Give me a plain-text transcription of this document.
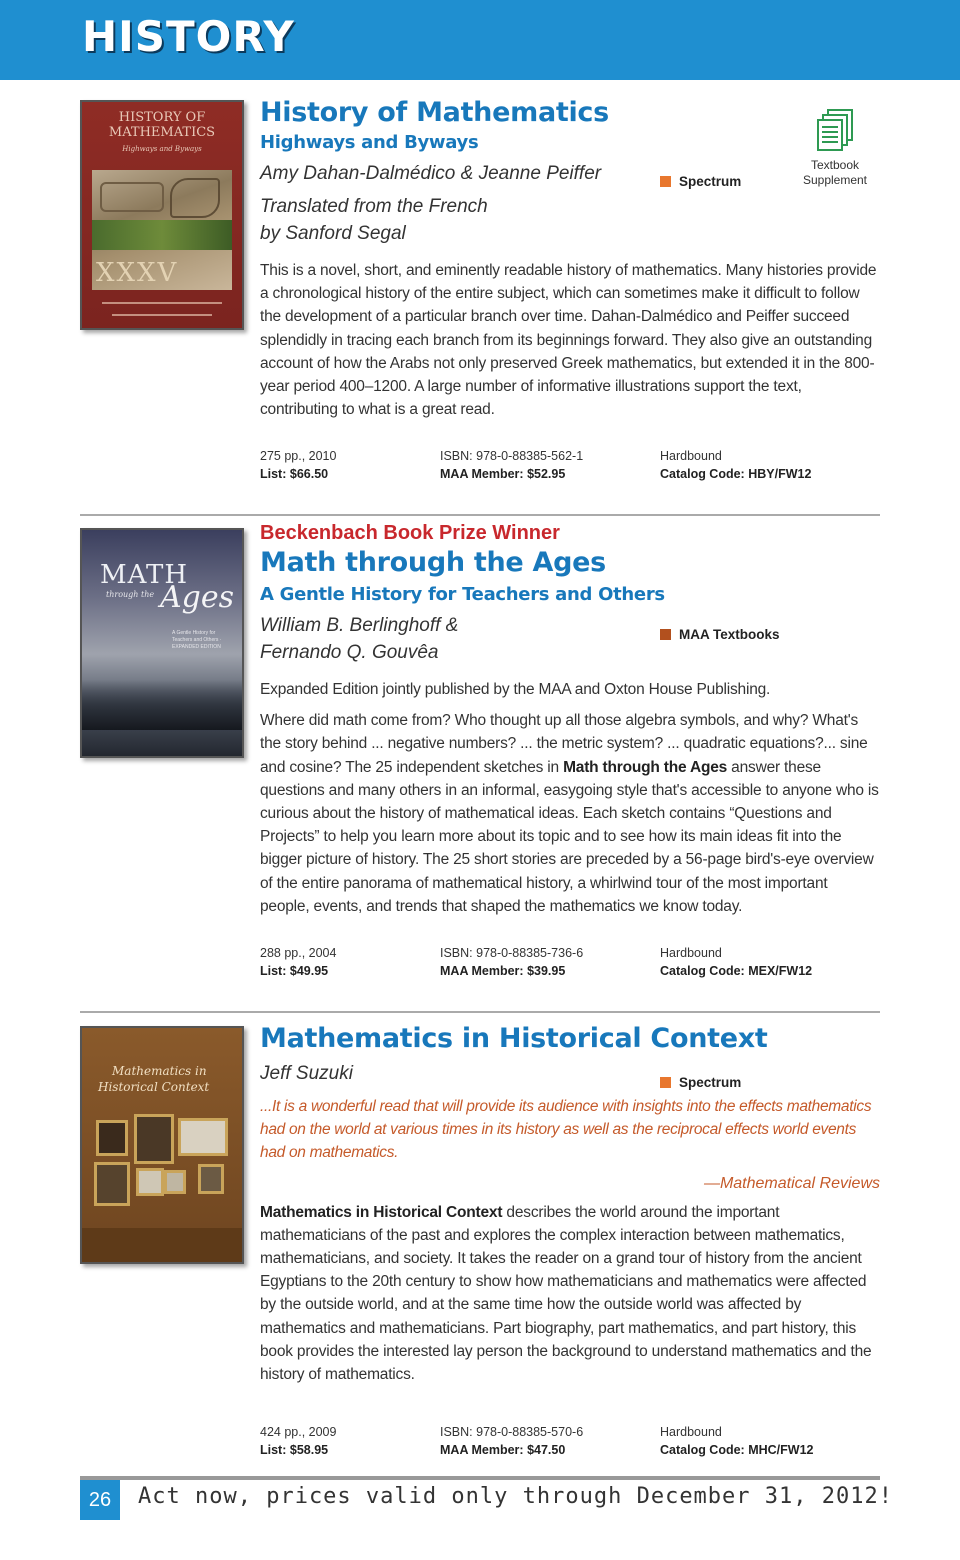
HISTORY
HISTORY OF
MATHEMATICS
Highways and Byways
XXXV
History of Mathematics
Highways and Byways
Amy Dahan-Dalmédico & Jeanne Peiffer
Translated from the French
by Sanford Segal
This is a novel, short, and eminently readable history of mathematics. Many histories provide a chronological history of the entire subject, which can sometimes make it difficult to follow the development of a particular branch over time. Dahan-Dalmédico and Peiffer succeed splendidly in tracing each branch from its beginnings forward. They also give an outstanding account of how the Arabs not only preserved Greek mathematics, but extended it in the 800-year period 400–1200. A large number of informative illustrations support the text, contributing to what is a great read.
Spectrum
Textbook
Supplement
275 pp., 2010
List: $66.50
ISBN: 978-0-88385-562-1
MAA Member: $52.95
Hardbound
Catalog Code: HBY/FW12
MATH
through the Ages
A Gentle History for Teachers and Others · EXPANDED EDITION
Beckenbach Book Prize Winner
Math through the Ages
A Gentle History for Teachers and Others
William B. Berlinghoff &
Fernando Q. Gouvêa
Expanded Edition jointly published by the MAA and Oxton House Publishing.
Where did math come from? Who thought up all those algebra symbols, and why? What's the story behind ... negative numbers? ... the metric system? ... quadratic equations?... sine and cosine? The 25 independent sketches in Math through the Ages answer these questions and many others in an informal, easygoing style that's accessible to anyone who is curious about the history of mathematical ideas. Each sketch contains “Questions and Projects” to help you learn more about its topic and to see how its main ideas fit into the bigger picture of history. The 25 short stories are preceded by a 56-page bird's-eye overview of the entire panorama of mathematical history, a whirlwind tour of the most important people, events, and trends that shaped the mathematics we know today.
MAA Textbooks
288 pp., 2004
List: $49.95
ISBN: 978-0-88385-736-6
MAA Member: $39.95
Hardbound
Catalog Code: MEX/FW12
Mathematics in
Historical Context
Mathematics in Historical Context
Jeff Suzuki
...It is a wonderful read that will provide its audience with insights into the effects mathematics had on the world at various times in its history as well as the reciprocal effects world events had on mathematics.
—Mathematical Reviews
Mathematics in Historical Context describes the world around the important mathematicians of the past and explores the complex interaction between mathematics, mathematicians, and society. It takes the reader on a grand tour of history from the ancient Egyptians to the 20th century to show how mathematicians and mathematics were affected by the outside world, and at the same time how the outside world was affected by mathematics and mathematicians. Part biography, part mathematics, and part history, this book provides the interested lay person the background to understand mathematics and the history of mathematics.
Spectrum
424 pp., 2009
List: $58.95
ISBN: 978-0-88385-570-6
MAA Member: $47.50
Hardbound
Catalog Code: MHC/FW12
26	Act now, prices valid only through December 31, 2012!
